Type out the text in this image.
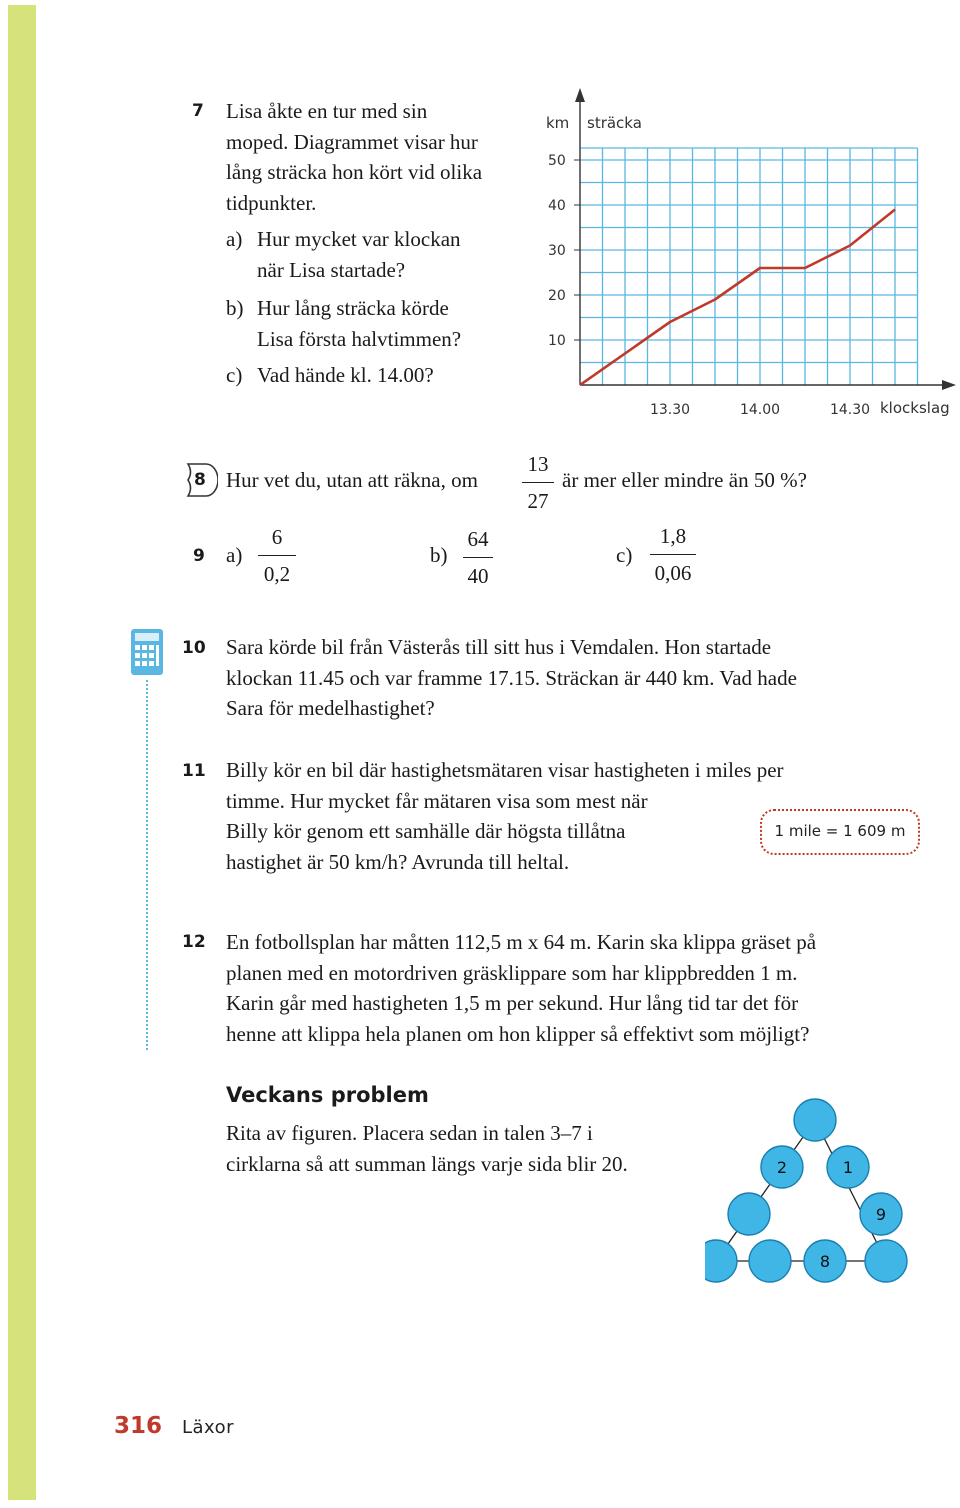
7 Lisa åkte en tur med sin
moped. Diagrammet visar hur
lång sträcka hon kört vid olika
tidpunkter.
a) Hur mycket var klockan
när Lisa startade?
b) Hur lång sträcka körde
Lisa första halvtimmen?
c) Vad hände kl. 14.00?
50
40
30
20
10
13.30	14.00	14.30
km sträcka
klockslag
8 Hur vet du, utan att räkna, om
13
27
är mer eller mindre än 50 %?
9 a)
6
0,2
b)
64
40
c)
1,8
0,06
10 Sara körde bil från Västerås till sitt hus i Vemdalen. Hon startade
klockan 11.45 och var framme 17.15. Sträckan är 440 km. Vad hade
Sara för medelhastighet?
11 Billy kör en bil där hastighetsmätaren visar hastigheten i miles per
timme. Hur mycket får mätaren visa som mest när
Billy kör genom ett samhälle där högsta tillåtna
hastighet är 50 km/h? Avrunda till heltal.
1 mile = 1 609 m
12 En fotbollsplan har måtten 112,5 m x 64 m. Karin ska klippa gräset på
planen med en motordriven gräsklippare som har klippbredden 1 m.
Karin går med hastigheten 1,5 m per sekund. Hur lång tid tar det för
henne att klippa hela planen om hon klipper så effektivt som möjligt?
Veckans problem
Rita av figuren. Placera sedan in talen 3–7 i
cirklarna så att summan längs varje sida blir 20.	2	1
9
8
316 Läxor
